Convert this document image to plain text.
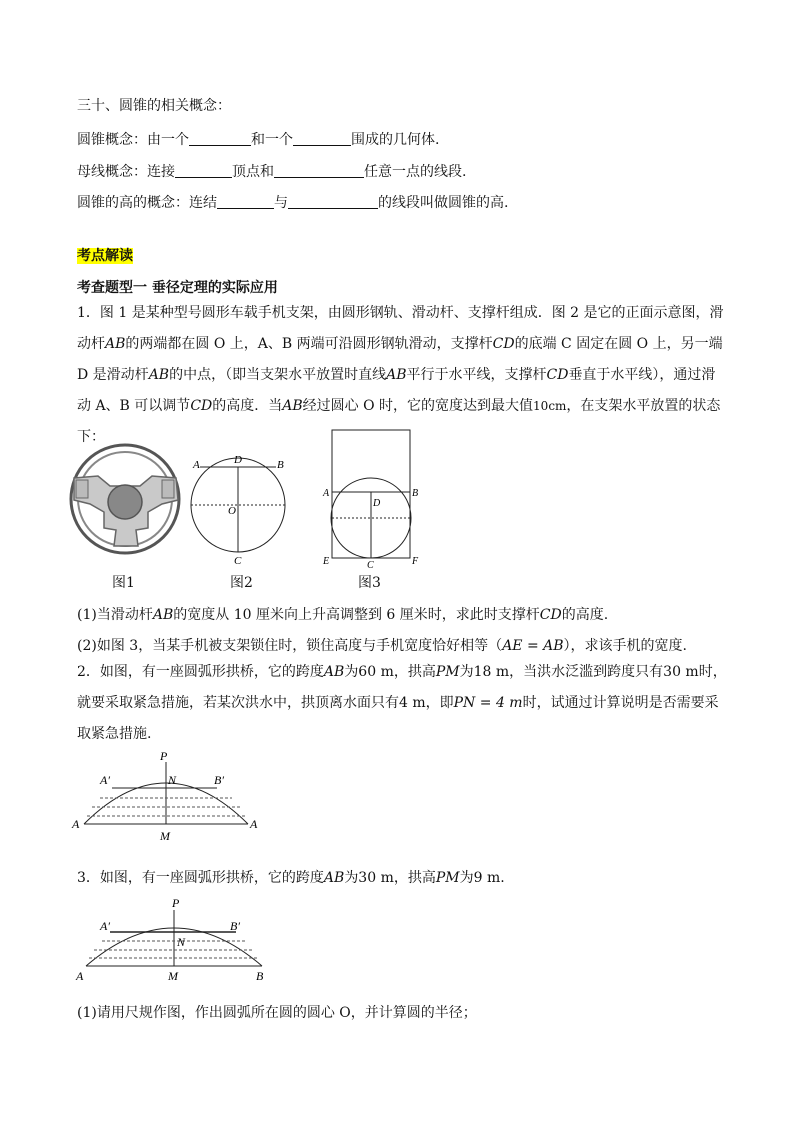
三十、圆锥的相关概念：
圆锥概念：由一个	和一个	围成的几何体.
母线概念：连接	顶点和	任意一点的线段.
圆锥的高的概念：连结	与	的线段叫做圆锥的高.
考点解读
考查题型一 垂径定理的实际应用
1．图 1 是某种型号圆形车载手机支架，由圆形钢轨、滑动杆、支撑杆组成．图 2 是它的正面示意图，滑动杆AB的两端都在圆 O 上，A、B 两端可沿圆形钢轨滑动，支撑杆CD的底端 C 固定在圆 O 上，另一端 D 是滑动杆AB的中点，（即当支架水平放置时直线AB平行于水平线，支撑杆CD垂直于水平线），通过滑动 A、B 可以调节CD的高度．当AB经过圆心 O 时，它的宽度达到最大值10cm，在支架水平放置的状态下：
图1
A	D	B
O
C
图2
A	B
D
E	C	F
图3
(1)当滑动杆AB的宽度从 10 厘米向上升高调整到 6 厘米时，求此时支撑杆CD的高度.
(2)如图 3，当某手机被支架锁住时，锁住高度与手机宽度恰好相等（AE = AB），求该手机的宽度.
2．如图，有一座圆弧形拱桥，它的跨度AB为60 m，拱高PM为18 m，当洪水泛滥到跨度只有30 m时，就要采取紧急措施，若某次洪水中，拱顶离水面只有4 m，即PN = 4 m时，试通过计算说明是否需要采取紧急措施.
P
N
A′	B′
A	A
M
3．如图，有一座圆弧形拱桥，它的跨度AB为30 m，拱高PM为9 m.
P
N
A′	B′
A	M	B
(1)请用尺规作图，作出圆弧所在圆的圆心 O，并计算圆的半径；
